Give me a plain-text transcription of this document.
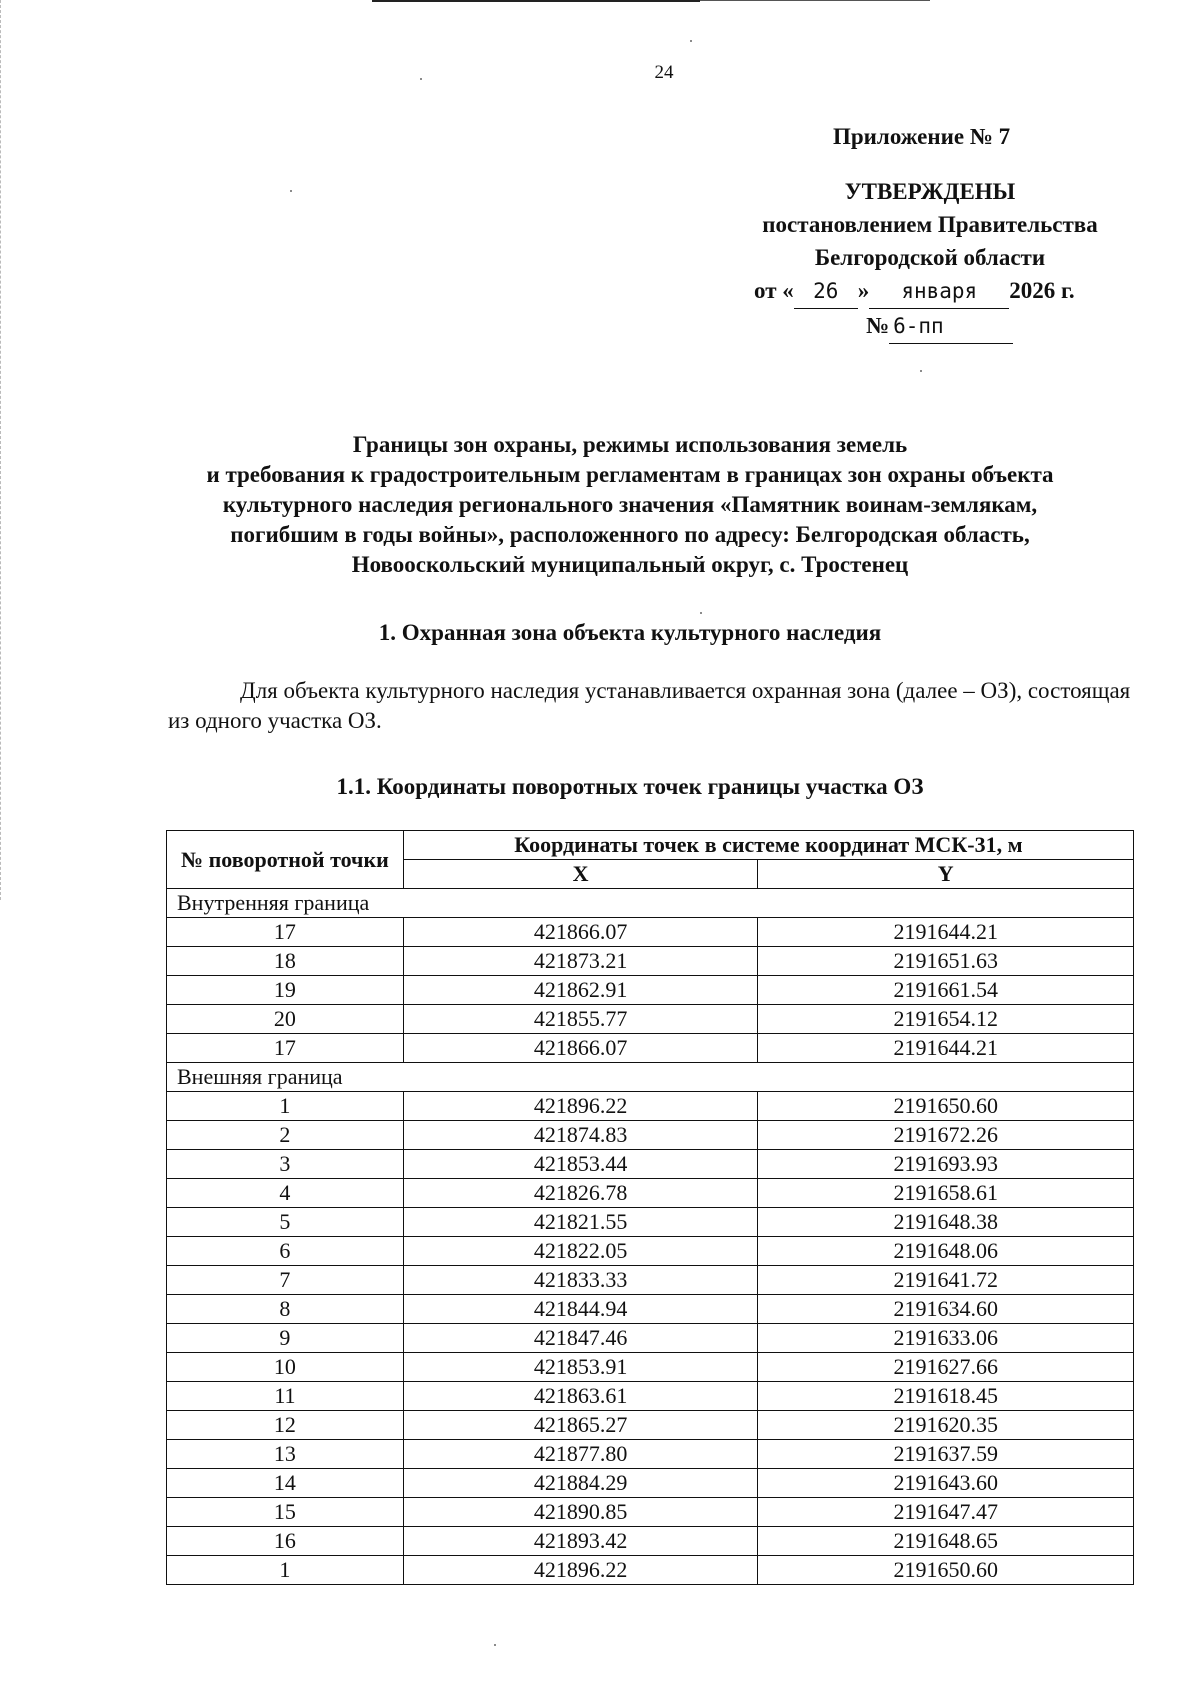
24
Приложение № 7
УТВЕРЖДЕНЫ
постановлением Правительства
Белгородской области
от « 26 » января 2026 г.
№ 6-пп
Границы зон охраны, режимы использования земель
и требования к градостроительным регламентам в границах зон охраны объекта
культурного наследия регионального значения «Памятник воинам-землякам,
погибшим в годы войны», расположенного по адресу: Белгородская область,
Новооскольский муниципальный округ, с. Тростенец
1. Охранная зона объекта культурного наследия
Для объекта культурного наследия устанавливается охранная зона (далее – ОЗ), состоящая из одного участка ОЗ.
1.1. Координаты поворотных точек границы участка ОЗ
№ поворотной точки	Координаты точек в системе координат МСК-31, м	
	X	Y
Внутренняя граница		
17	421866.07	2191644.21
18	421873.21	2191651.63
19	421862.91	2191661.54
20	421855.77	2191654.12
17	421866.07	2191644.21
Внешняя граница		
1	421896.22	2191650.60
2	421874.83	2191672.26
3	421853.44	2191693.93
4	421826.78	2191658.61
5	421821.55	2191648.38
6	421822.05	2191648.06
7	421833.33	2191641.72
8	421844.94	2191634.60
9	421847.46	2191633.06
10	421853.91	2191627.66
11	421863.61	2191618.45
12	421865.27	2191620.35
13	421877.80	2191637.59
14	421884.29	2191643.60
15	421890.85	2191647.47
16	421893.42	2191648.65
1	421896.22	2191650.60
